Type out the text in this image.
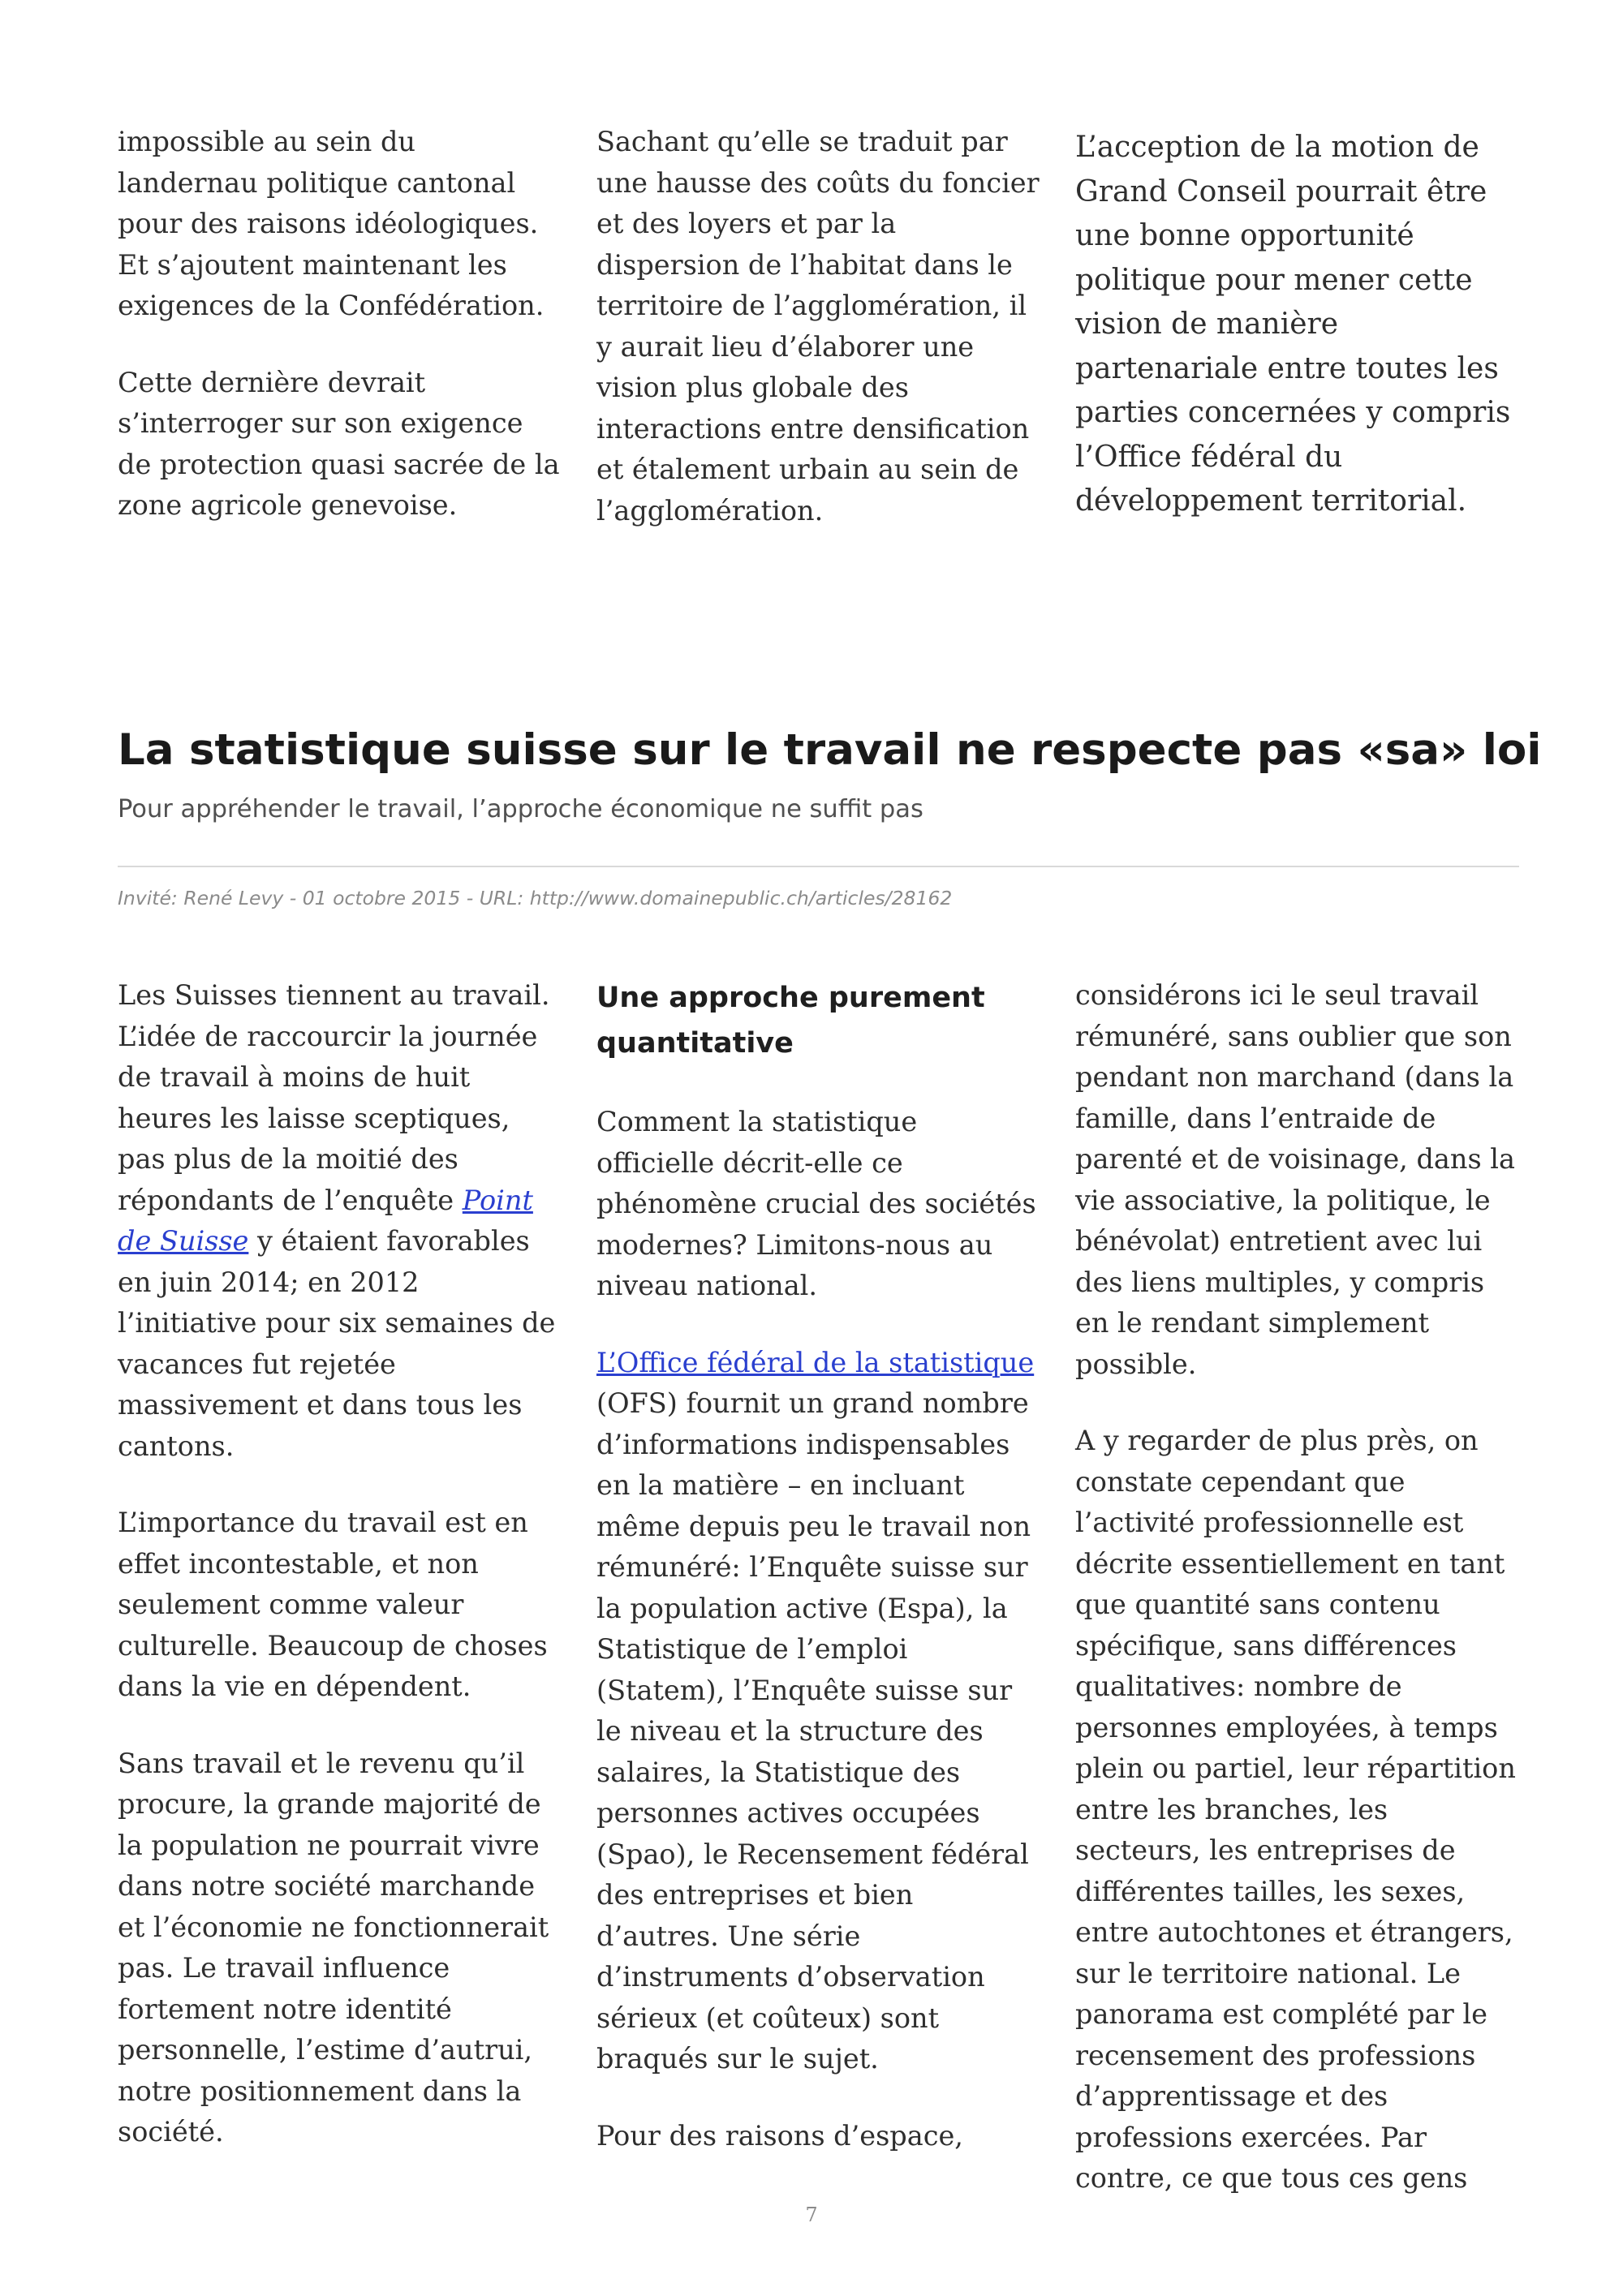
impossible au sein du landernau politique cantonal pour des raisons idéologiques. Et s’ajoutent maintenant les exigences de la Confédération.

Cette dernière devrait s’interroger sur son exigence de protection quasi sacrée de la zone agricole genevoise.

Sachant qu’elle se traduit par une hausse des coûts du foncier et des loyers et par la dispersion de l’habitat dans le territoire de l’agglomération, il y aurait lieu d’élaborer une vision plus globale des interactions entre densification et étalement urbain au sein de l’agglomération.

L’acception de la motion de Grand Conseil pourrait être une bonne opportunité politique pour mener cette vision de manière partenariale entre toutes les parties concernées y compris l’Office fédéral du développement territorial.

La statistique suisse sur le travail ne respecte pas «sa» loi

Pour appréhender le travail, l’approche économique ne suffit pas

Invité: René Levy - 01 octobre 2015 - URL: http://www.domainepublic.ch/articles/28162

Les Suisses tiennent au travail. L’idée de raccourcir la journée de travail à moins de huit heures les laisse sceptiques, pas plus de la moitié des répondants de l’enquête Point de Suisse y étaient favorables en juin 2014; en 2012 l’initiative pour six semaines de vacances fut rejetée massivement et dans tous les cantons.

L’importance du travail est en effet incontestable, et non seulement comme valeur culturelle. Beaucoup de choses dans la vie en dépendent.

Sans travail et le revenu qu’il procure, la grande majorité de la population ne pourrait vivre dans notre société marchande et l’économie ne fonctionnerait pas. Le travail influence fortement notre identité personnelle, l’estime d’autrui, notre positionnement dans la société.

Une approche purement quantitative

Comment la statistique officielle décrit-elle ce phénomène crucial des sociétés modernes? Limitons-nous au niveau national.

L’Office fédéral de la statistique (OFS) fournit un grand nombre d’informations indispensables en la matière – en incluant même depuis peu le travail non rémunéré: l’Enquête suisse sur la population active (Espa), la Statistique de l’emploi (Statem), l’Enquête suisse sur le niveau et la structure des salaires, la Statistique des personnes actives occupées (Spao), le Recensement fédéral des entreprises et bien d’autres. Une série d’instruments d’observation sérieux (et coûteux) sont braqués sur le sujet.

Pour des raisons d’espace,

considérons ici le seul travail rémunéré, sans oublier que son pendant non marchand (dans la famille, dans l’entraide de parenté et de voisinage, dans la vie associative, la politique, le bénévolat) entretient avec lui des liens multiples, y compris en le rendant simplement possible.

A y regarder de plus près, on constate cependant que l’activité professionnelle est décrite essentiellement en tant que quantité sans contenu spécifique, sans différences qualitatives: nombre de personnes employées, à temps plein ou partiel, leur répartition entre les branches, les secteurs, les entreprises de différentes tailles, les sexes, entre autochtones et étrangers, sur le territoire national. Le panorama est complété par le recensement des professions d’apprentissage et des professions exercées. Par contre, ce que tous ces gens

7
